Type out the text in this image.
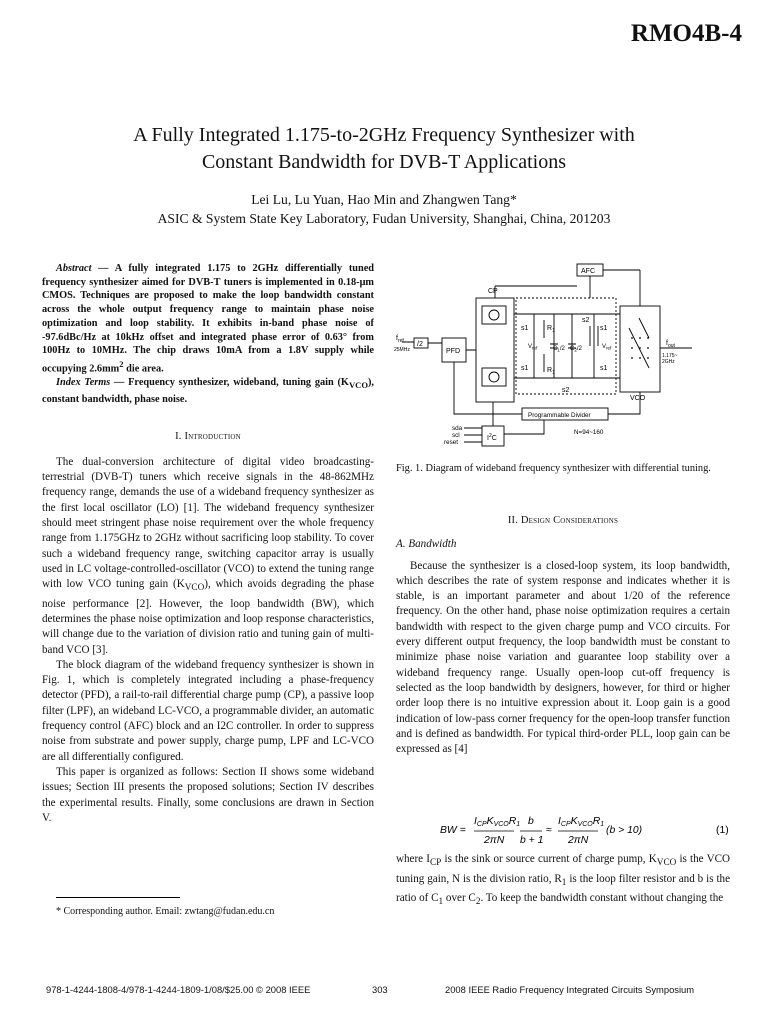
RMO4B-4
A Fully Integrated 1.175-to-2GHz Frequency Synthesizer with
Constant Bandwidth for DVB-T Applications
Lei Lu, Lu Yuan, Hao Min and Zhangwen Tang*
ASIC & System State Key Laboratory, Fudan University, Shanghai, China, 201203

Abstract — A fully integrated 1.175 to 2GHz differentially tuned frequency synthesizer aimed for DVB-T tuners is implemented in 0.18-μm CMOS. Techniques are proposed to make the loop bandwidth constant across the whole output frequency range to maintain phase noise optimization and loop stability. It exhibits in-band phase noise of -97.6dBc/Hz at 10kHz offset and integrated phase error of 0.63° from 100Hz to 10MHz. The chip draws 10mA from a 1.8V supply while occupying $2.6mm^2$ die area.

Index Terms — Frequency synthesizer, wideband, tuning gain $(K_{VCO})$, constant bandwidth, phase noise.

I. Introduction

The dual-conversion architecture of digital video broadcasting-terrestrial (DVB-T) tuners which receive signals in the 48-862MHz frequency range, demands the use of a wideband frequency synthesizer as the first local oscillator (LO) [1]. The wideband frequency synthesizer should meet stringent phase noise requirement over the whole frequency range from 1.175GHz to 2GHz without sacrificing loop stability. To cover such a wideband frequency range, switching capacitor array is usually used in LC voltage-controlled-oscillator (VCO) to extend the tuning range with low VCO tuning gain $(K_{VCO})$, which avoids degrading the phase noise performance [2]. However, the loop bandwidth (BW), which determines the phase noise optimization and loop response characteristics, will change due to the variation of division ratio and tuning gain of multi-band VCO [3].

The block diagram of the wideband frequency synthesizer is shown in Fig. 1, which is completely integrated including a phase-frequency detector (PFD), a rail-to-rail differential charge pump (CP), a passive loop filter (LPF), an wideband LC-VCO, a programmable divider, an automatic frequency control (AFC) block and an I2C controller. In order to suppress noise from substrate and power supply, charge pump, LPF and LC-VCO are all differentially configured.

This paper is organized as follows: Section II shows some wideband issues; Section III presents the proposed solutions; Section IV describes the experimental results. Finally, some conclusions are drawn in Section V.

* Corresponding author. Email: zwtang@fudan.edu.cn
AFC
CP
PFD
/2
$f_{ref}$
25MHz
s1	s1
s1	s1
s2
s2
$R_1$
$R_1$
$C_1/2$ $C_2/2$
$V_{ref}$	$V_{ref}$
VCO
$f_{out}$
1.175~
2GHz
Programmable Divider
N=94~160
sda
scl
reset
$I^2C$
Fig. 1. Diagram of wideband frequency synthesizer with differential tuning.

II. Design Considerations

A. Bandwidth

Because the synthesizer is a closed-loop system, its loop bandwidth, which describes the rate of system response and indicates whether it is stable, is an important parameter and about 1/20 of the reference frequency. On the other hand, phase noise optimization requires a certain bandwidth with respect to the given charge pump and VCO circuits. For every different output frequency, the loop bandwidth must be constant to minimize phase noise variation and guarantee loop stability over a wideband frequency range. Usually open-loop cut-off frequency is selected as the loop bandwidth by designers, however, for third or higher order loop there is no intuitive expression about it. Loop gain is a good indication of low-pass corner frequency for the open-loop transfer function and is defined as bandwidth. For typical third-order PLL, loop gain can be expressed as [4]

BW =
ICPKVCOR1
2πN
b
b + 1
≈
ICPKVCOR1
2πN
(b > 10)	(1)

where $I_{CP}$ is the sink or source current of charge pump, $K_{VCO}$ is the VCO tuning gain, N is the division ratio, $R_1$ is the loop filter resistor and b is the ratio of $C_1$ over $C_2$. To keep the bandwidth constant without changing the

978-1-4244-1808-4/978-1-4244-1809-1/08/$25.00 © 2008 IEEE	303	2008 IEEE Radio Frequency Integrated Circuits Symposium
